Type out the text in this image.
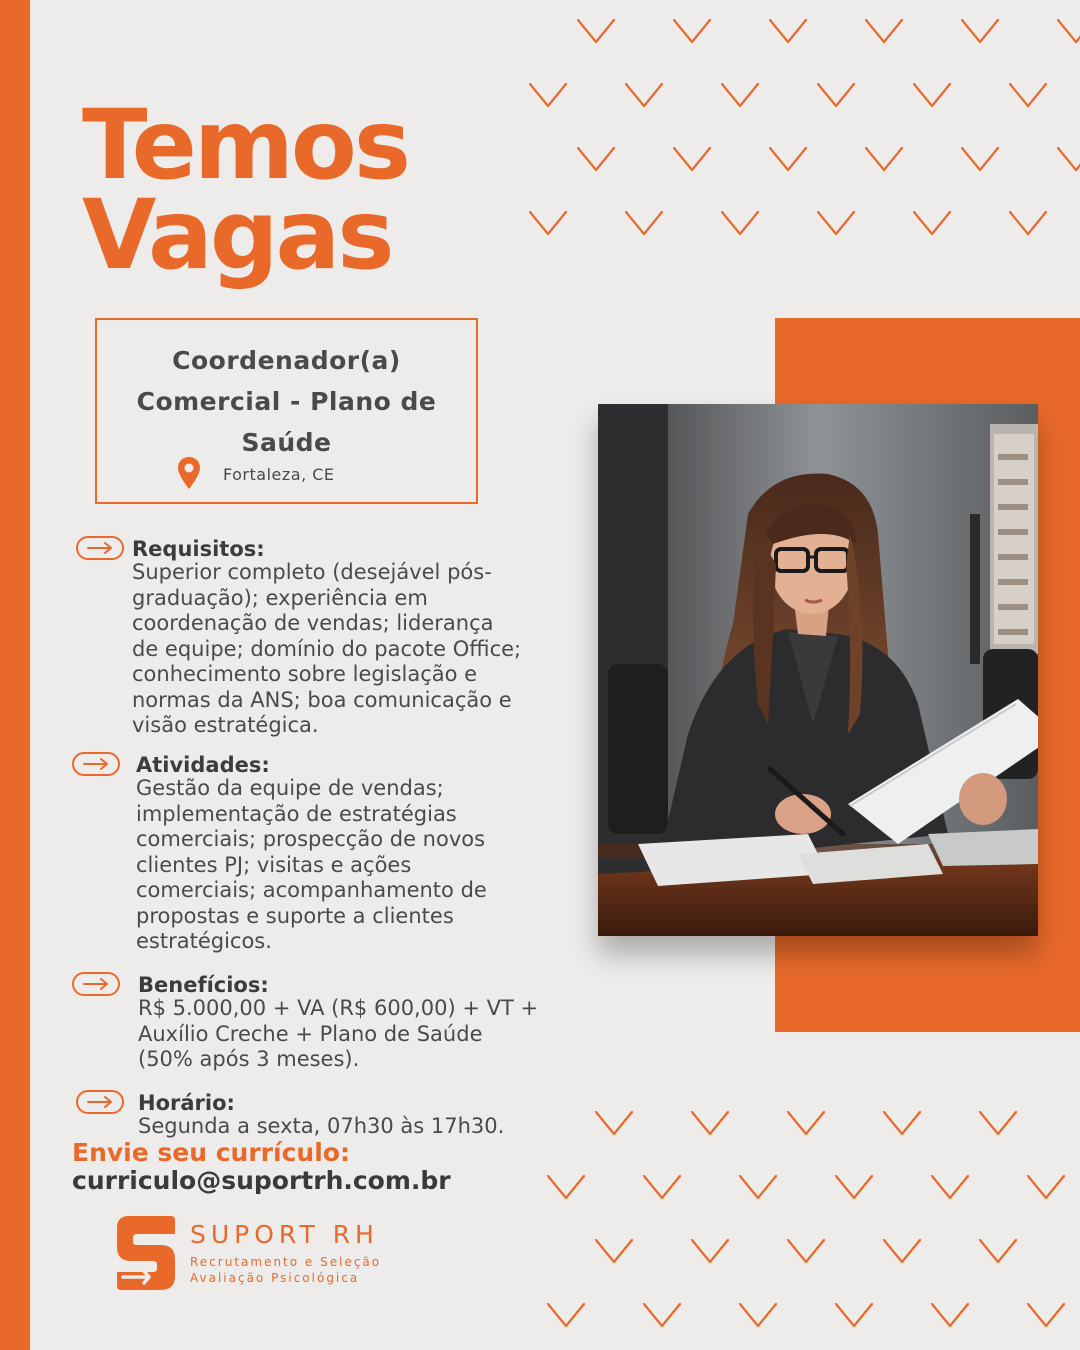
Temos
Vagas
Coordenador(a)
Comercial - Plano de
Saúde
Fortaleza, CE
Requisitos:

Superior completo (desejável pós-
graduação); experiência em
coordenação de vendas; liderança
de equipe; domínio do pacote Office;
conhecimento sobre legislação e
normas da ANS; boa comunicação e
visão estratégica.

Atividades:

Gestão da equipe de vendas;
implementação de estratégias
comerciais; prospecção de novos
clientes PJ; visitas e ações
comerciais; acompanhamento de
propostas e suporte a clientes
estratégicos.

Benefícios:

R$ 5.000,00 + VA (R$ 600,00) + VT +
Auxílio Creche + Plano de Saúde
(50% após 3 meses).

Horário:

Segunda a sexta, 07h30 às 17h30.

Envie seu currículo:
curriculo@suportrh.com.br
SUPORT RH
Recrutamento e Seleção
Avaliação Psicológica
